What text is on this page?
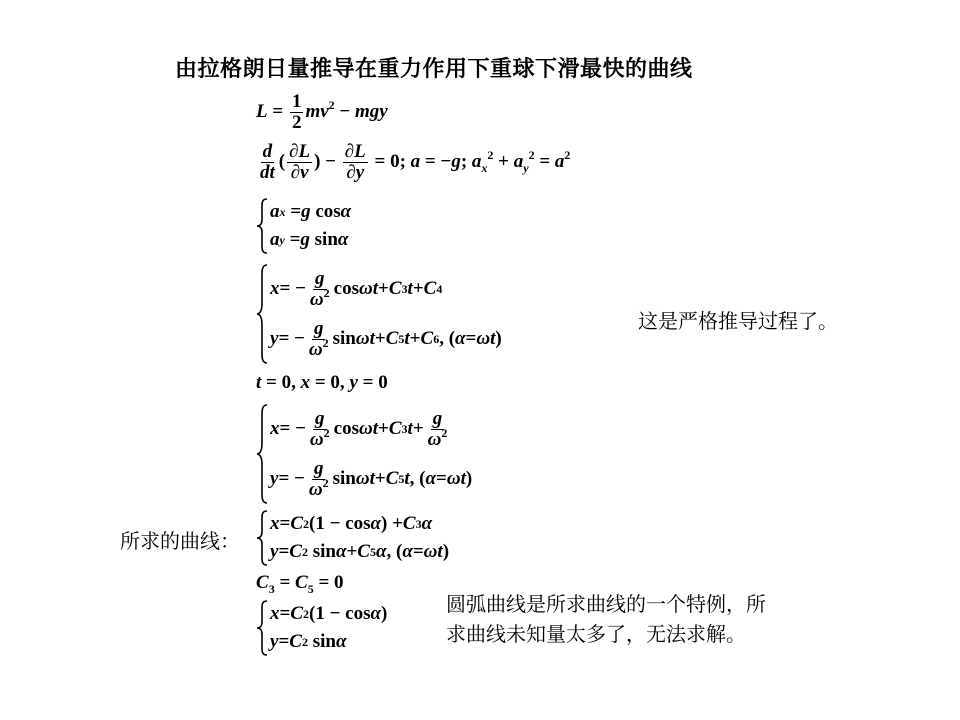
由拉格朗日量推导在重力作用下重球下滑最快的曲线
$L = \frac{1}{2} mv^2$ − mgy
$\frac{d}{dt}$ ( $\frac{\partial L}{\partial v}$ ) − $\frac{\partial L}{\partial y} = 0$; a = −g; $a_x^2 + a_y^2 = a^2$
a x = g cos α
a y = g sin α
x = − $\frac{g}{\omega^2}$ cos ωt + C 3 t + C 4
y = − $\frac{g}{\omega^2}$ sin ωt + C 5 t + C 6 , ( α = ωt )
这是严格推导过程了。
t = 0, x = 0, y = 0
x = − $\frac{g}{\omega^2}$ cos ωt + C 3 $t + \frac{g}{\omega^2}$
y = − $\frac{g}{\omega^2}$ sin ωt + C 5 t , ( α = ωt )
所求的曲线：
x = C 2 (1 − cos α ) + C 3 α
y = C 2 sin α + C 5 α , ( α = ωt )
$C_3 = C_5 = 0$
x = C 2 (1 − cos α )
y = C 2 sin α
圆弧曲线是所求曲线的一个特例，所
求曲线未知量太多了，无法求解。
